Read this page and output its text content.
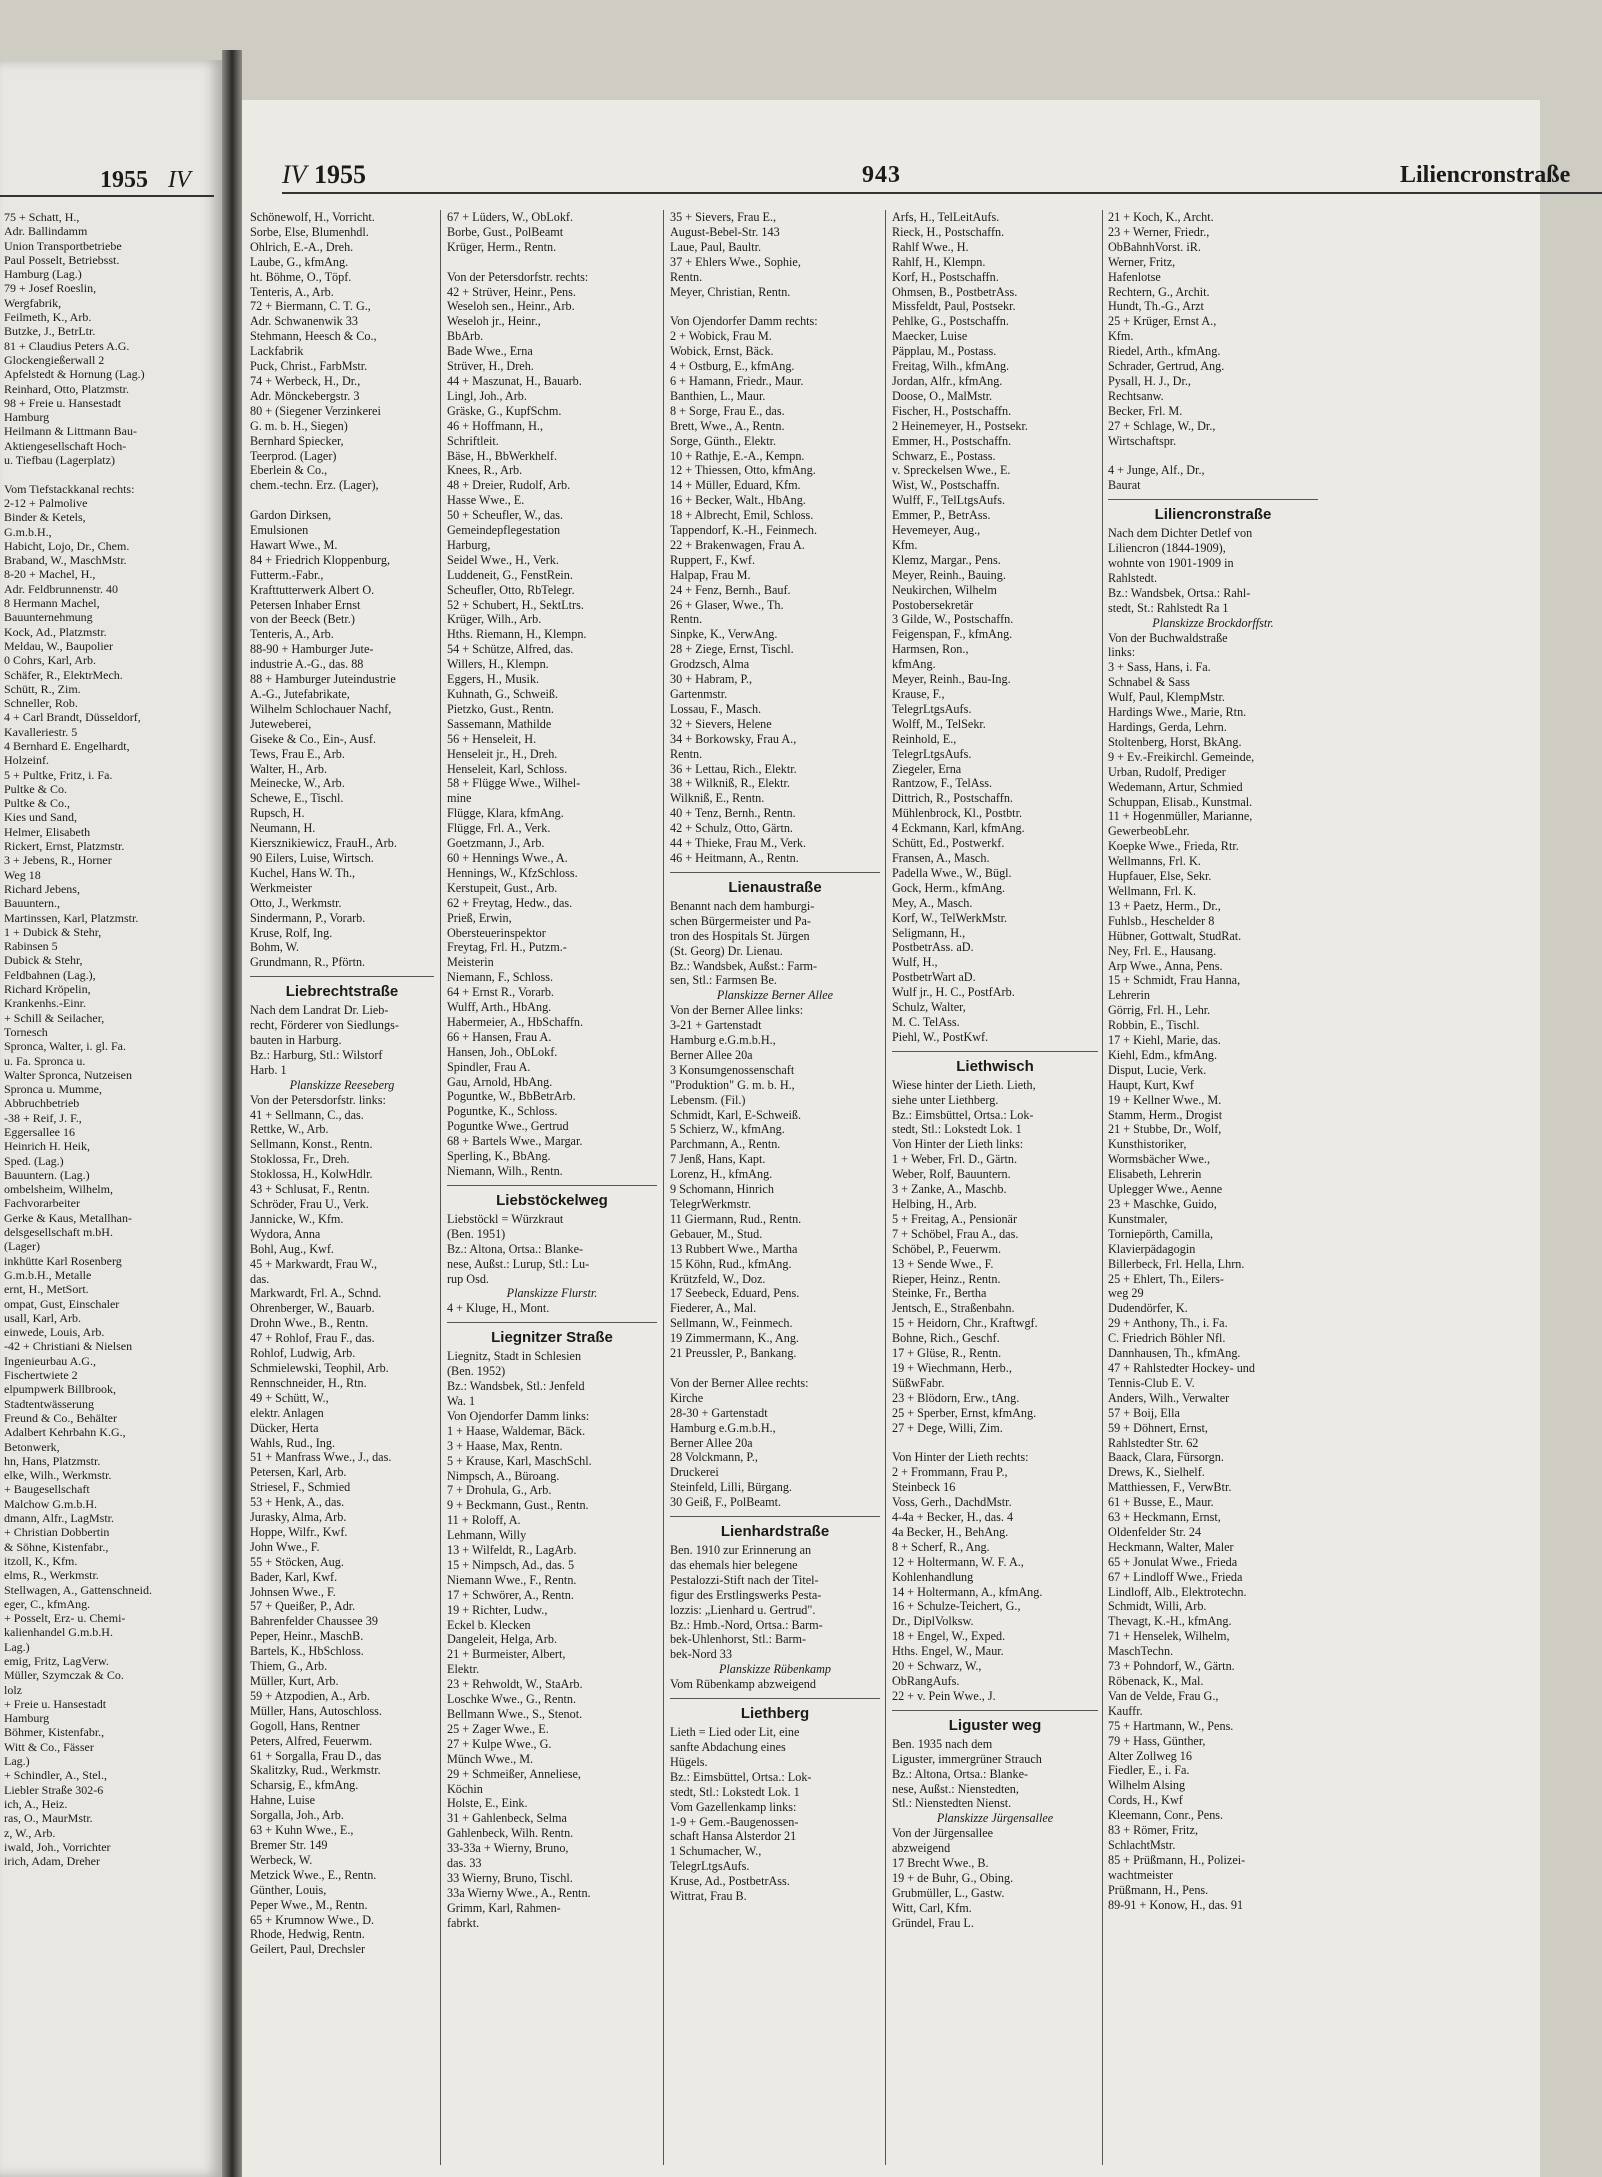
1955 IV
75 + Schatt, H.,
Adr. Ballindamm
Union Transportbetriebe
Paul Posselt, Betriebsst.
Hamburg (Lag.)
79 + Josef Roeslin,
Wergfabrik,
Feilmeth, K., Arb.
Butzke, J., BetrLtr.
81 + Claudius Peters A.G.
Glockengießerwall 2
Apfelstedt & Hornung (Lag.)
Reinhard, Otto, Platzmstr.
98 + Freie u. Hansestadt
Hamburg
Heilmann & Littmann Bau-
Aktiengesellschaft Hoch-
u. Tiefbau (Lagerplatz)

Vom Tiefstackkanal rechts:
2-12 + Palmolive
Binder & Ketels,
G.m.b.H.,
Habicht, Lojo, Dr., Chem.
Braband, W., MaschMstr.
8-20 + Machel, H.,
Adr. Feldbrunnenstr. 40
8 Hermann Machel,
Bauunternehmung
Kock, Ad., Platzmstr.
Meldau, W., Baupolier
0 Cohrs, Karl, Arb.
Schäfer, R., ElektrMech.
Schütt, R., Zim.
Schneller, Rob.
4 + Carl Brandt, Düsseldorf,
Kavalleriestr. 5
4 Bernhard E. Engelhardt,
Holzeinf.
5 + Pultke, Fritz, i. Fa.
Pultke & Co.
Pultke & Co.,
Kies und Sand,
Helmer, Elisabeth
Rickert, Ernst, Platzmstr.
3 + Jebens, R., Horner
Weg 18
Richard Jebens,
Bauuntern.,
Martinssen, Karl, Platzmstr.
1 + Dubick & Stehr,
Rabinsen 5
Dubick & Stehr,
Feldbahnen (Lag.),
Richard Kröpelin,
Krankenhs.-Einr.
+ Schill & Seilacher,
Tornesch
Spronca, Walter, i. gl. Fa.
u. Fa. Spronca u.
Walter Spronca, Nutzeisen
Spronca u. Mumme,
Abbruchbetrieb
-38 + Reif, J. F.,
Eggersallee 16
Heinrich H. Heik,
Sped. (Lag.)
Bauuntern. (Lag.)
ombelsheim, Wilhelm,
Fachvorarbeiter
Gerke & Kaus, Metallhan-
delsgesellschaft m.bH.
(Lager)
inkhütte Karl Rosenberg
G.m.b.H., Metalle
ernt, H., MetSort.
ompat, Gust, Einschaler
usall, Karl, Arb.
einwede, Louis, Arb.
-42 + Christiani & Nielsen
Ingenieurbau A.G.,
Fischertwiete 2
elpumpwerk Billbrook,
Stadtentwässerung
Freund & Co., Behälter
Adalbert Kehrbahn K.G.,
Betonwerk,
hn, Hans, Platzmstr.
elke, Wilh., Werkmstr.
+ Baugesellschaft
Malchow G.m.b.H.
dmann, Alfr., LagMstr.
+ Christian Dobbertin
& Söhne, Kistenfabr.,
itzoll, K., Kfm.
elms, R., Werkmstr.
Stellwagen, A., Gattenschneid.
eger, C., kfmAng.
+ Posselt, Erz- u. Chemi-
kalienhandel G.m.b.H.
Lag.)
emig, Fritz, LagVerw.
Müller, Szymczak & Co.
lolz
+ Freie u. Hansestadt
Hamburg
Böhmer, Kistenfabr.,
Witt & Co., Fässer
Lag.)
+ Schindler, A., Stel.,
Liebler Straße 302-6
ich, A., Heiz.
ras, O., MaurMstr.
z, W., Arb.
iwald, Joh., Vorrichter
irich, Adam, Dreher
IV 1955	943	Liliencronstraße
Schönewolf, H., Vorricht.
Sorbe, Else, Blumenhdl.
Ohlrich, E.-A., Dreh.
Laube, G., kfmAng.
ht. Böhme, O., Töpf.
Tenteris, A., Arb.
72 + Biermann, C. T. G.,
Adr. Schwanenwik 33
Stehmann, Heesch & Co.,
Lackfabrik
Puck, Christ., FarbMstr.
74 + Werbeck, H., Dr.,
Adr. Mönckebergstr. 3
80 + (Siegener Verzinkerei
G. m. b. H., Siegen)
Bernhard Spiecker,
Teerprod. (Lager)
Eberlein & Co.,
chem.-techn. Erz. (Lager),

Gardon Dirksen,
Emulsionen
Hawart Wwe., M.
84 + Friedrich Kloppenburg,
Futterm.-Fabr.,
Krafttutterwerk Albert O.
Petersen Inhaber Ernst
von der Beeck (Betr.)
Tenteris, A., Arb.
88-90 + Hamburger Jute-
industrie A.-G., das. 88
88 + Hamburger Juteindustrie
A.-G., Jutefabrikate,
Wilhelm Schlochauer Nachf,
Juteweberei,
Giseke & Co., Ein-, Ausf.
Tews, Frau E., Arb.
Walter, H., Arb.
Meinecke, W., Arb.
Schewe, E., Tischl.
Rupsch, H.
Neumann, H.
Kiersznikiewicz, FrauH., Arb.
90 Eilers, Luise, Wirtsch.
Kuchel, Hans W. Th.,
Werkmeister
Otto, J., Werkmstr.
Sindermann, P., Vorarb.
Kruse, Rolf, Ing.
Bohm, W.
Grundmann, R., Pförtn.
Liebrechtstraße
Nach dem Landrat Dr. Lieb-
recht, Förderer von Siedlungs-
bauten in Harburg.
Bz.: Harburg, Stl.: Wilstorf
Harb. 1
Planskizze Reeseberg
Von der Petersdorfstr. links:
41 + Sellmann, C., das.
Rettke, W., Arb.
Sellmann, Konst., Rentn.
Stoklossa, Fr., Dreh.
Stoklossa, H., KolwHdlr.
43 + Schlusat, F., Rentn.
Schröder, Frau U., Verk.
Jannicke, W., Kfm.
Wydora, Anna
Bohl, Aug., Kwf.
45 + Markwardt, Frau W.,
das.
Markwardt, Frl. A., Schnd.
Ohrenberger, W., Bauarb.
Drohn Wwe., B., Rentn.
47 + Rohlof, Frau F., das.
Rohlof, Ludwig, Arb.
Schmielewski, Teophil, Arb.
Rennschneider, H., Rtn.
49 + Schütt, W.,
elektr. Anlagen
Dücker, Herta
Wahls, Rud., Ing.
51 + Manfrass Wwe., J., das.
Petersen, Karl, Arb.
Striesel, F., Schmied
53 + Henk, A., das.
Jurasky, Alma, Arb.
Hoppe, Wilfr., Kwf.
John Wwe., F.
55 + Stöcken, Aug.
Bader, Karl, Kwf.
Johnsen Wwe., F.
57 + Queißer, P., Adr.
Bahrenfelder Chaussee 39
Peper, Heinr., MaschB.
Bartels, K., HbSchloss.
Thiem, G., Arb.
Müller, Kurt, Arb.
59 + Atzpodien, A., Arb.
Müller, Hans, Autoschloss.
Gogoll, Hans, Rentner
Peters, Alfred, Feuerwm.
61 + Sorgalla, Frau D., das
Skalitzky, Rud., Werkmstr.
Scharsig, E., kfmAng.
Hahne, Luise
Sorgalla, Joh., Arb.
63 + Kuhn Wwe., E.,
Bremer Str. 149
Werbeck, W.
Metzick Wwe., E., Rentn.
Günther, Louis,
Peper Wwe., M., Rentn.
65 + Krumnow Wwe., D.
Rhode, Hedwig, Rentn.
Geilert, Paul, Drechsler
67 + Lüders, W., ObLokf.
Borbe, Gust., PolBeamt
Krüger, Herm., Rentn.

Von der Petersdorfstr. rechts:
42 + Strüver, Heinr., Pens.
Weseloh sen., Heinr., Arb.
Weseloh jr., Heinr.,
BbArb.
Bade Wwe., Erna
Strüver, H., Dreh.
44 + Maszunat, H., Bauarb.
Lingl, Joh., Arb.
Gräske, G., KupfSchm.
46 + Hoffmann, H.,
Schriftleit.
Bäse, H., BbWerkhelf.
Knees, R., Arb.
48 + Dreier, Rudolf, Arb.
Hasse Wwe., E.
50 + Scheufler, W., das.
Gemeindepflegestation
Harburg,
Seidel Wwe., H., Verk.
Luddeneit, G., FenstRein.
Scheufler, Otto, RbTelegr.
52 + Schubert, H., SektLtrs.
Krüger, Wilh., Arb.
Hths. Riemann, H., Klempn.
54 + Schütze, Alfred, das.
Willers, H., Klempn.
Eggers, H., Musik.
Kuhnath, G., Schweiß.
Pietzko, Gust., Rentn.
Sassemann, Mathilde
56 + Henseleit, H.
Henseleit jr., H., Dreh.
Henseleit, Karl, Schloss.
58 + Flügge Wwe., Wilhel-
mine
Flügge, Klara, kfmAng.
Flügge, Frl. A., Verk.
Goetzmann, J., Arb.
60 + Hennings Wwe., A.
Hennings, W., KfzSchloss.
Kerstupeit, Gust., Arb.
62 + Freytag, Hedw., das.
Prieß, Erwin,
Obersteuerinspektor
Freytag, Frl. H., Putzm.-
Meisterin
Niemann, F., Schloss.
64 + Ernst R., Vorarb.
Wulff, Arth., HbAng.
Habermeier, A., HbSchaffn.
66 + Hansen, Frau A.
Hansen, Joh., ObLokf.
Spindler, Frau A.
Gau, Arnold, HbAng.
Poguntke, W., BbBetrArb.
Poguntke, K., Schloss.
Poguntke Wwe., Gertrud
68 + Bartels Wwe., Margar.
Sperling, K., BbAng.
Niemann, Wilh., Rentn.
Liebstöckelweg
Liebstöckl = Würzkraut
(Ben. 1951)
Bz.: Altona, Ortsa.: Blanke-
nese, Außst.: Lurup, Stl.: Lu-
rup Osd.
Planskizze Flurstr.
4 + Kluge, H., Mont.
Liegnitzer Straße
Liegnitz, Stadt in Schlesien
(Ben. 1952)
Bz.: Wandsbek, Stl.: Jenfeld
Wa. 1
Von Ojendorfer Damm links:
1 + Haase, Waldemar, Bäck.
3 + Haase, Max, Rentn.
5 + Krause, Karl, MaschSchl.
Nimpsch, A., Büroang.
7 + Drohula, G., Arb.
9 + Beckmann, Gust., Rentn.
11 + Roloff, A.
Lehmann, Willy
13 + Wilfeldt, R., LagArb.
15 + Nimpsch, Ad., das. 5
Niemann Wwe., F., Rentn.
17 + Schwörer, A., Rentn.
19 + Richter, Ludw.,
Eckel b. Klecken
Dangeleit, Helga, Arb.
21 + Burmeister, Albert,
Elektr.
23 + Rehwoldt, W., StaArb.
Loschke Wwe., G., Rentn.
Bellmann Wwe., S., Stenot.
25 + Zager Wwe., E.
27 + Kulpe Wwe., G.
Münch Wwe., M.
29 + Schmeißer, Anneliese,
Köchin
Holste, E., Eink.
31 + Gahlenbeck, Selma
Gahlenbeck, Wilh. Rentn.
33-33a + Wierny, Bruno,
das. 33
33 Wierny, Bruno, Tischl.
33a Wierny Wwe., A., Rentn.
Grimm, Karl, Rahmen-
fabrkt.
35 + Sievers, Frau E.,
August-Bebel-Str. 143
Laue, Paul, Baultr.
37 + Ehlers Wwe., Sophie,
Rentn.
Meyer, Christian, Rentn.

Von Ojendorfer Damm rechts:
2 + Wobick, Frau M.
Wobick, Ernst, Bäck.
4 + Ostburg, E., kfmAng.
6 + Hamann, Friedr., Maur.
Banthien, L., Maur.
8 + Sorge, Frau E., das.
Brett, Wwe., A., Rentn.
Sorge, Günth., Elektr.
10 + Rathje, E.-A., Kempn.
12 + Thiessen, Otto, kfmAng.
14 + Müller, Eduard, Kfm.
16 + Becker, Walt., HbAng.
18 + Albrecht, Emil, Schloss.
Tappendorf, K.-H., Feinmech.
22 + Brakenwagen, Frau A.
Ruppert, F., Kwf.
Halpap, Frau M.
24 + Fenz, Bernh., Bauf.
26 + Glaser, Wwe., Th.
Rentn.
Sinpke, K., VerwAng.
28 + Ziege, Ernst, Tischl.
Grodzsch, Alma
30 + Habram, P.,
Gartenmstr.
Lossau, F., Masch.
32 + Sievers, Helene
34 + Borkowsky, Frau A.,
Rentn.
36 + Lettau, Rich., Elektr.
38 + Wilkniß, R., Elektr.
Wilkniß, E., Rentn.
40 + Tenz, Bernh., Rentn.
42 + Schulz, Otto, Gärtn.
44 + Thieke, Frau M., Verk.
46 + Heitmann, A., Rentn.
Lienaustraße
Benannt nach dem hamburgi-
schen Bürgermeister und Pa-
tron des Hospitals St. Jürgen
(St. Georg) Dr. Lienau.
Bz.: Wandsbek, Außst.: Farm-
sen, Stl.: Farmsen Be.
Planskizze Berner Allee
Von der Berner Allee links:
3-21 + Gartenstadt
Hamburg e.G.m.b.H.,
Berner Allee 20a
3 Konsumgenossenschaft
"Produktion" G. m. b. H.,
Lebensm. (Fil.)
Schmidt, Karl, E-Schweiß.
5 Schierz, W., kfmAng.
Parchmann, A., Rentn.
7 Jenß, Hans, Kapt.
Lorenz, H., kfmAng.
9 Schomann, Hinrich
TelegrWerkmstr.
11 Giermann, Rud., Rentn.
Gebauer, M., Stud.
13 Rubbert Wwe., Martha
15 Köhn, Rud., kfmAng.
Krützfeld, W., Doz.
17 Seebeck, Eduard, Pens.
Fiederer, A., Mal.
Sellmann, W., Feinmech.
19 Zimmermann, K., Ang.
21 Preussler, P., Bankang.

Von der Berner Allee rechts:
Kirche
28-30 + Gartenstadt
Hamburg e.G.m.b.H.,
Berner Allee 20a
28 Volckmann, P.,
Druckerei
Steinfeld, Lilli, Bürgang.
30 Geiß, F., PolBeamt.
Lienhardstraße
Ben. 1910 zur Erinnerung an
das ehemals hier belegene
Pestalozzi-Stift nach der Titel-
figur des Erstlingswerks Pesta-
lozzis: „Lienhard u. Gertrud".
Bz.: Hmb.-Nord, Ortsa.: Barm-
bek-Uhlenhorst, Stl.: Barm-
bek-Nord 33
Planskizze Rübenkamp
Vom Rübenkamp abzweigend
Liethberg
Lieth = Lied oder Lit, eine
sanfte Abdachung eines
Hügels.
Bz.: Eimsbüttel, Ortsa.: Lok-
stedt, Stl.: Lokstedt Lok. 1
Vom Gazellenkamp links:
1-9 + Gem.-Baugenossen-
schaft Hansa Alsterdor 21
1 Schumacher, W.,
TelegrLtgsAufs.
Kruse, Ad., PostbetrAss.
Wittrat, Frau B.
Arfs, H., TelLeitAufs.
Rieck, H., Postschaffn.
Rahlf Wwe., H.
Rahlf, H., Klempn.
Korf, H., Postschaffn.
Ohmsen, B., PostbetrAss.
Missfeldt, Paul, Postsekr.
Pehlke, G., Postschaffn.
Maecker, Luise
Päpplau, M., Postass.
Freitag, Wilh., kfmAng.
Jordan, Alfr., kfmAng.
Doose, O., MalMstr.
Fischer, H., Postschaffn.
2 Heinemeyer, H., Postsekr.
Emmer, H., Postschaffn.
Schwarz, E., Postass.
v. Spreckelsen Wwe., E.
Wist, W., Postschaffn.
Wulff, F., TelLtgsAufs.
Emmer, P., BetrAss.
Hevemeyer, Aug.,
Kfm.
Klemz, Margar., Pens.
Meyer, Reinh., Bauing.
Neukirchen, Wilhelm
Postobersekretär
3 Gilde, W., Postschaffn.
Feigenspan, F., kfmAng.
Harmsen, Ron.,
kfmAng.
Meyer, Reinh., Bau-Ing.
Krause, F.,
TelegrLtgsAufs.
Wolff, M., TelSekr.
Reinhold, E.,
TelegrLtgsAufs.
Ziegeler, Erna
Rantzow, F., TelAss.
Dittrich, R., Postschaffn.
Mühlenbrock, Kl., Postbtr.
4 Eckmann, Karl, kfmAng.
Schütt, Ed., Postwerkf.
Fransen, A., Masch.
Padella Wwe., W., Bügl.
Gock, Herm., kfmAng.
Mey, A., Masch.
Korf, W., TelWerkMstr.
Seligmann, H.,
PostbetrAss. aD.
Wulf, H.,
PostbetrWart aD.
Wulf jr., H. C., PostfArb.
Schulz, Walter,
M. C. TelAss.
Piehl, W., PostKwf.
Liethwisch
Wiese hinter der Lieth. Lieth,
siehe unter Liethberg.
Bz.: Eimsbüttel, Ortsa.: Lok-
stedt, Stl.: Lokstedt Lok. 1
Von Hinter der Lieth links:
1 + Weber, Frl. D., Gärtn.
Weber, Rolf, Bauuntern.
3 + Zanke, A., Maschb.
Helbing, H., Arb.
5 + Freitag, A., Pensionär
7 + Schöbel, Frau A., das.
Schöbel, P., Feuerwm.
13 + Sende Wwe., F.
Rieper, Heinz., Rentn.
Steinke, Fr., Bertha
Jentsch, E., Straßenbahn.
15 + Heidorn, Chr., Kraftwgf.
Bohne, Rich., Geschf.
17 + Glüse, R., Rentn.
19 + Wiechmann, Herb.,
SüßwFabr.
23 + Blödorn, Erw., tAng.
25 + Sperber, Ernst, kfmAng.
27 + Dege, Willi, Zim.

Von Hinter der Lieth rechts:
2 + Frommann, Frau P.,
Steinbeck 16
Voss, Gerh., DachdMstr.
4-4a + Becker, H., das. 4
4a Becker, H., BehAng.
8 + Scherf, R., Ang.
12 + Holtermann, W. F. A.,
Kohlenhandlung
14 + Holtermann, A., kfmAng.
16 + Schulze-Teichert, G.,
Dr., DiplVolksw.
18 + Engel, W., Exped.
Hths. Engel, W., Maur.
20 + Schwarz, W.,
ObRangAufs.
22 + v. Pein Wwe., J.
Liguster weg
Ben. 1935 nach dem
Liguster, immergrüner Strauch
Bz.: Altona, Ortsa.: Blanke-
nese, Außst.: Nienstedten,
Stl.: Nienstedten Nienst.
Planskizze Jürgensallee
Von der Jürgensallee
abzweigend
17 Brecht Wwe., B.
19 + de Buhr, G., Obing.
Grubmüller, L., Gastw.
Witt, Carl, Kfm.
Gründel, Frau L.
21 + Koch, K., Archt.
23 + Werner, Friedr.,
ObBahnhVorst. iR.
Werner, Fritz,
Hafenlotse
Rechtern, G., Archit.
Hundt, Th.-G., Arzt
25 + Krüger, Ernst A.,
Kfm.
Riedel, Arth., kfmAng.
Schrader, Gertrud, Ang.
Pysall, H. J., Dr.,
Rechtsanw.
Becker, Frl. M.
27 + Schlage, W., Dr.,
Wirtschaftspr.

4 + Junge, Alf., Dr.,
Baurat
Liliencronstraße
Nach dem Dichter Detlef von
Liliencron (1844-1909),
wohnte von 1901-1909 in
Rahlstedt.
Bz.: Wandsbek, Ortsa.: Rahl-
stedt, St.: Rahlstedt Ra 1
Planskizze Brockdorffstr.
Von der Buchwaldstraße
links:
3 + Sass, Hans, i. Fa.
Schnabel & Sass
Wulf, Paul, KlempMstr.
Hardings Wwe., Marie, Rtn.
Hardings, Gerda, Lehrn.
Stoltenberg, Horst, BkAng.
9 + Ev.-Freikirchl. Gemeinde,
Urban, Rudolf, Prediger
Wedemann, Artur, Schmied
Schuppan, Elisab., Kunstmal.
11 + Hogenmüller, Marianne,
GewerbeobLehr.
Koepke Wwe., Frieda, Rtr.
Wellmanns, Frl. K.
Hupfauer, Else, Sekr.
Wellmann, Frl. K.
13 + Paetz, Herm., Dr.,
Fuhlsb., Heschelder 8
Hübner, Gottwalt, StudRat.
Ney, Frl. E., Hausang.
Arp Wwe., Anna, Pens.
15 + Schmidt, Frau Hanna,
Lehrerin
Görrig, Frl. H., Lehr.
Robbin, E., Tischl.
17 + Kiehl, Marie, das.
Kiehl, Edm., kfmAng.
Disput, Lucie, Verk.
Haupt, Kurt, Kwf
19 + Kellner Wwe., M.
Stamm, Herm., Drogist
21 + Stubbe, Dr., Wolf,
Kunsthistoriker,
Wormsbächer Wwe.,
Elisabeth, Lehrerin
Uplegger Wwe., Aenne
23 + Maschke, Guido,
Kunstmaler,
Torniepörth, Camilla,
Klavierpädagogin
Billerbeck, Frl. Hella, Lhrn.
25 + Ehlert, Th., Eilers-
weg 29
Dudendörfer, K.
29 + Anthony, Th., i. Fa.
C. Friedrich Böhler Nfl.
Dannhausen, Th., kfmAng.
47 + Rahlstedter Hockey- und
Tennis-Club E. V.
Anders, Wilh., Verwalter
57 + Boij, Ella
59 + Döhnert, Ernst,
Rahlstedter Str. 62
Baack, Clara, Fürsorgn.
Drews, K., Sielhelf.
Matthiessen, F., VerwBtr.
61 + Busse, E., Maur.
63 + Heckmann, Ernst,
Oldenfelder Str. 24
Heckmann, Walter, Maler
65 + Jonulat Wwe., Frieda
67 + Lindloff Wwe., Frieda
Lindloff, Alb., Elektrotechn.
Schmidt, Willi, Arb.
Thevagt, K.-H., kfmAng.
71 + Henselek, Wilhelm,
MaschTechn.
73 + Pohndorf, W., Gärtn.
Röbenack, K., Mal.
Van de Velde, Frau G.,
Kauffr.
75 + Hartmann, W., Pens.
79 + Hass, Günther,
Alter Zollweg 16
Fiedler, E., i. Fa.
Wilhelm Alsing
Cords, H., Kwf
Kleemann, Conr., Pens.
83 + Römer, Fritz,
SchlachtMstr.
85 + Prüßmann, H., Polizei-
wachtmeister
Prüßmann, H., Pens.
89-91 + Konow, H., das. 91
